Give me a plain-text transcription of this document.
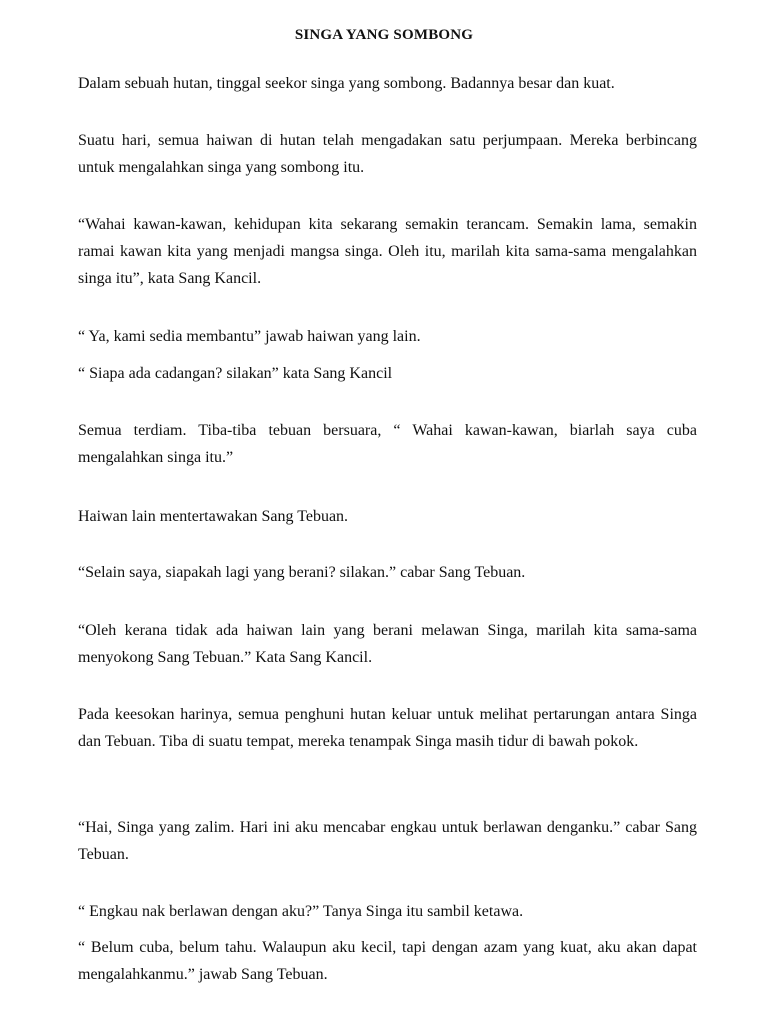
SINGA YANG SOMBONG

Dalam sebuah hutan, tinggal seekor singa yang sombong. Badannya besar dan kuat.

Suatu hari, semua haiwan di hutan telah mengadakan satu perjumpaan. Mereka berbincang untuk mengalahkan singa yang sombong itu.

“Wahai kawan-kawan, kehidupan kita sekarang semakin terancam. Semakin lama, semakin ramai kawan kita yang menjadi mangsa singa. Oleh itu, marilah kita sama-sama mengalahkan singa itu”, kata Sang Kancil.

“ Ya, kami sedia membantu” jawab haiwan yang lain.

“ Siapa ada cadangan? silakan” kata Sang Kancil

Semua terdiam. Tiba-tiba tebuan bersuara, “ Wahai kawan-kawan, biarlah saya cuba mengalahkan singa itu.”

Haiwan lain mentertawakan Sang Tebuan.

“Selain saya, siapakah lagi yang berani? silakan.” cabar Sang Tebuan.

“Oleh kerana tidak ada haiwan lain yang berani melawan Singa, marilah kita sama-sama menyokong Sang Tebuan.” Kata Sang Kancil.

Pada keesokan harinya, semua penghuni hutan keluar untuk melihat pertarungan antara Singa dan Tebuan. Tiba di suatu tempat, mereka tenampak Singa masih tidur di bawah pokok.

“Hai, Singa yang zalim. Hari ini aku mencabar engkau untuk berlawan denganku.” cabar Sang Tebuan.

“ Engkau nak berlawan dengan aku?” Tanya Singa itu sambil ketawa.

“ Belum cuba, belum tahu. Walaupun aku kecil, tapi dengan azam yang kuat, aku akan dapat mengalahkanmu.” jawab Sang Tebuan.
